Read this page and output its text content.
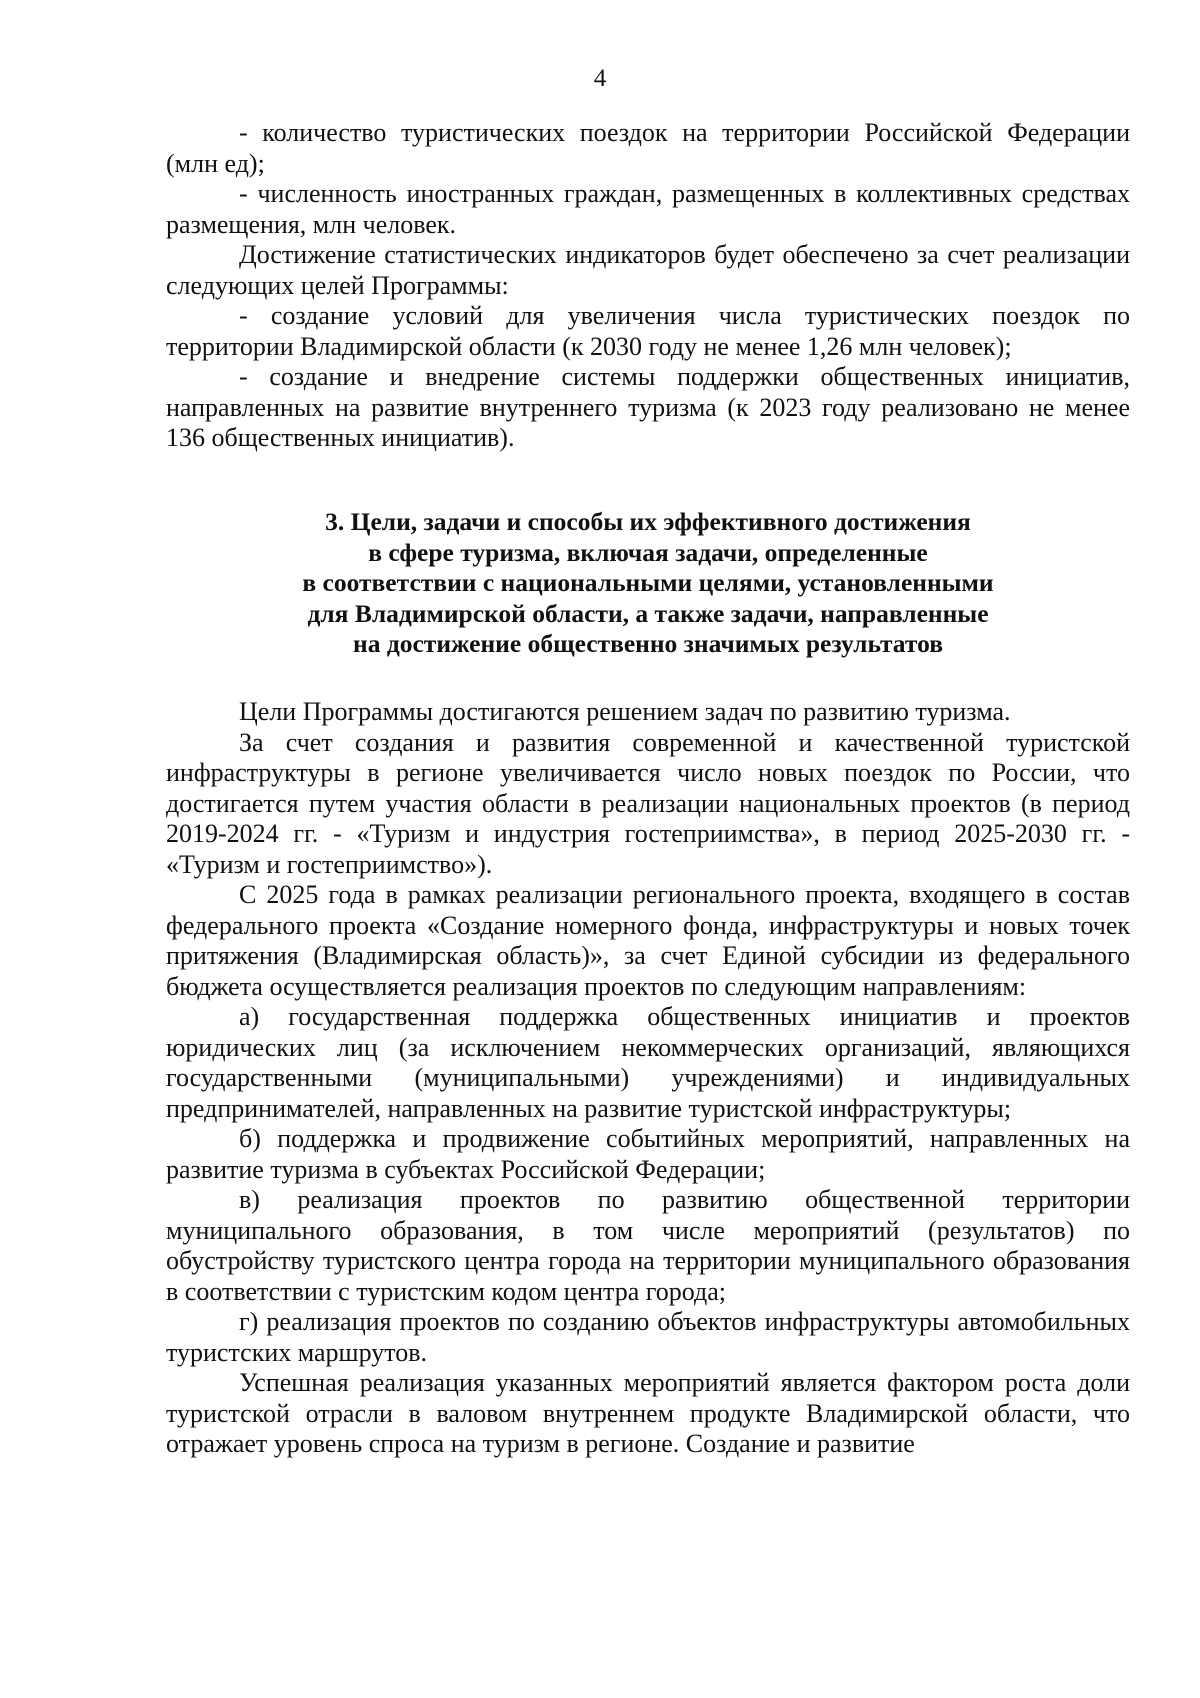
4

- количество туристических поездок на территории Российской Федерации (млн ед);

- численность иностранных граждан, размещенных в коллективных средствах размещения, млн человек.

Достижение статистических индикаторов будет обеспечено за счет реализации следующих целей Программы:

- создание условий для увеличения числа туристических поездок по территории Владимирской области (к 2030 году не менее 1,26 млн человек);

- создание и внедрение системы поддержки общественных инициатив, направленных на развитие внутреннего туризма (к 2023 году реализовано не менее 136 общественных инициатив).

3. Цели, задачи и способы их эффективного достижения
в сфере туризма, включая задачи, определенные
в соответствии с национальными целями, установленными
для Владимирской области, а также задачи, направленные
на достижение общественно значимых результатов

Цели Программы достигаются решением задач по развитию туризма.

За счет создания и развития современной и качественной туристской инфраструктуры в регионе увеличивается число новых поездок по России, что достигается путем участия области в реализации национальных проектов (в период 2019-2024 гг. - «Туризм и индустрия гостеприимства», в период 2025-2030 гг. - «Туризм и гостеприимство»).

С 2025 года в рамках реализации регионального проекта, входящего в состав федерального проекта «Создание номерного фонда, инфраструктуры и новых точек притяжения (Владимирская область)», за счет Единой субсидии из федерального бюджета осуществляется реализация проектов по следующим направлениям:

а) государственная поддержка общественных инициатив и проектов юридических лиц (за исключением некоммерческих организаций, являющихся государственными (муниципальными) учреждениями) и индивидуальных предпринимателей, направленных на развитие туристской инфраструктуры;

б) поддержка и продвижение событийных мероприятий, направленных на развитие туризма в субъектах Российской Федерации;

в) реализация проектов по развитию общественной территории муниципального образования, в том числе мероприятий (результатов) по обустройству туристского центра города на территории муниципального образования в соответствии с туристским кодом центра города;

г) реализация проектов по созданию объектов инфраструктуры автомобильных туристских маршрутов.

Успешная реализация указанных мероприятий является фактором роста доли туристской отрасли в валовом внутреннем продукте Владимирской области, что отражает уровень спроса на туризм в регионе. Создание и развитие
